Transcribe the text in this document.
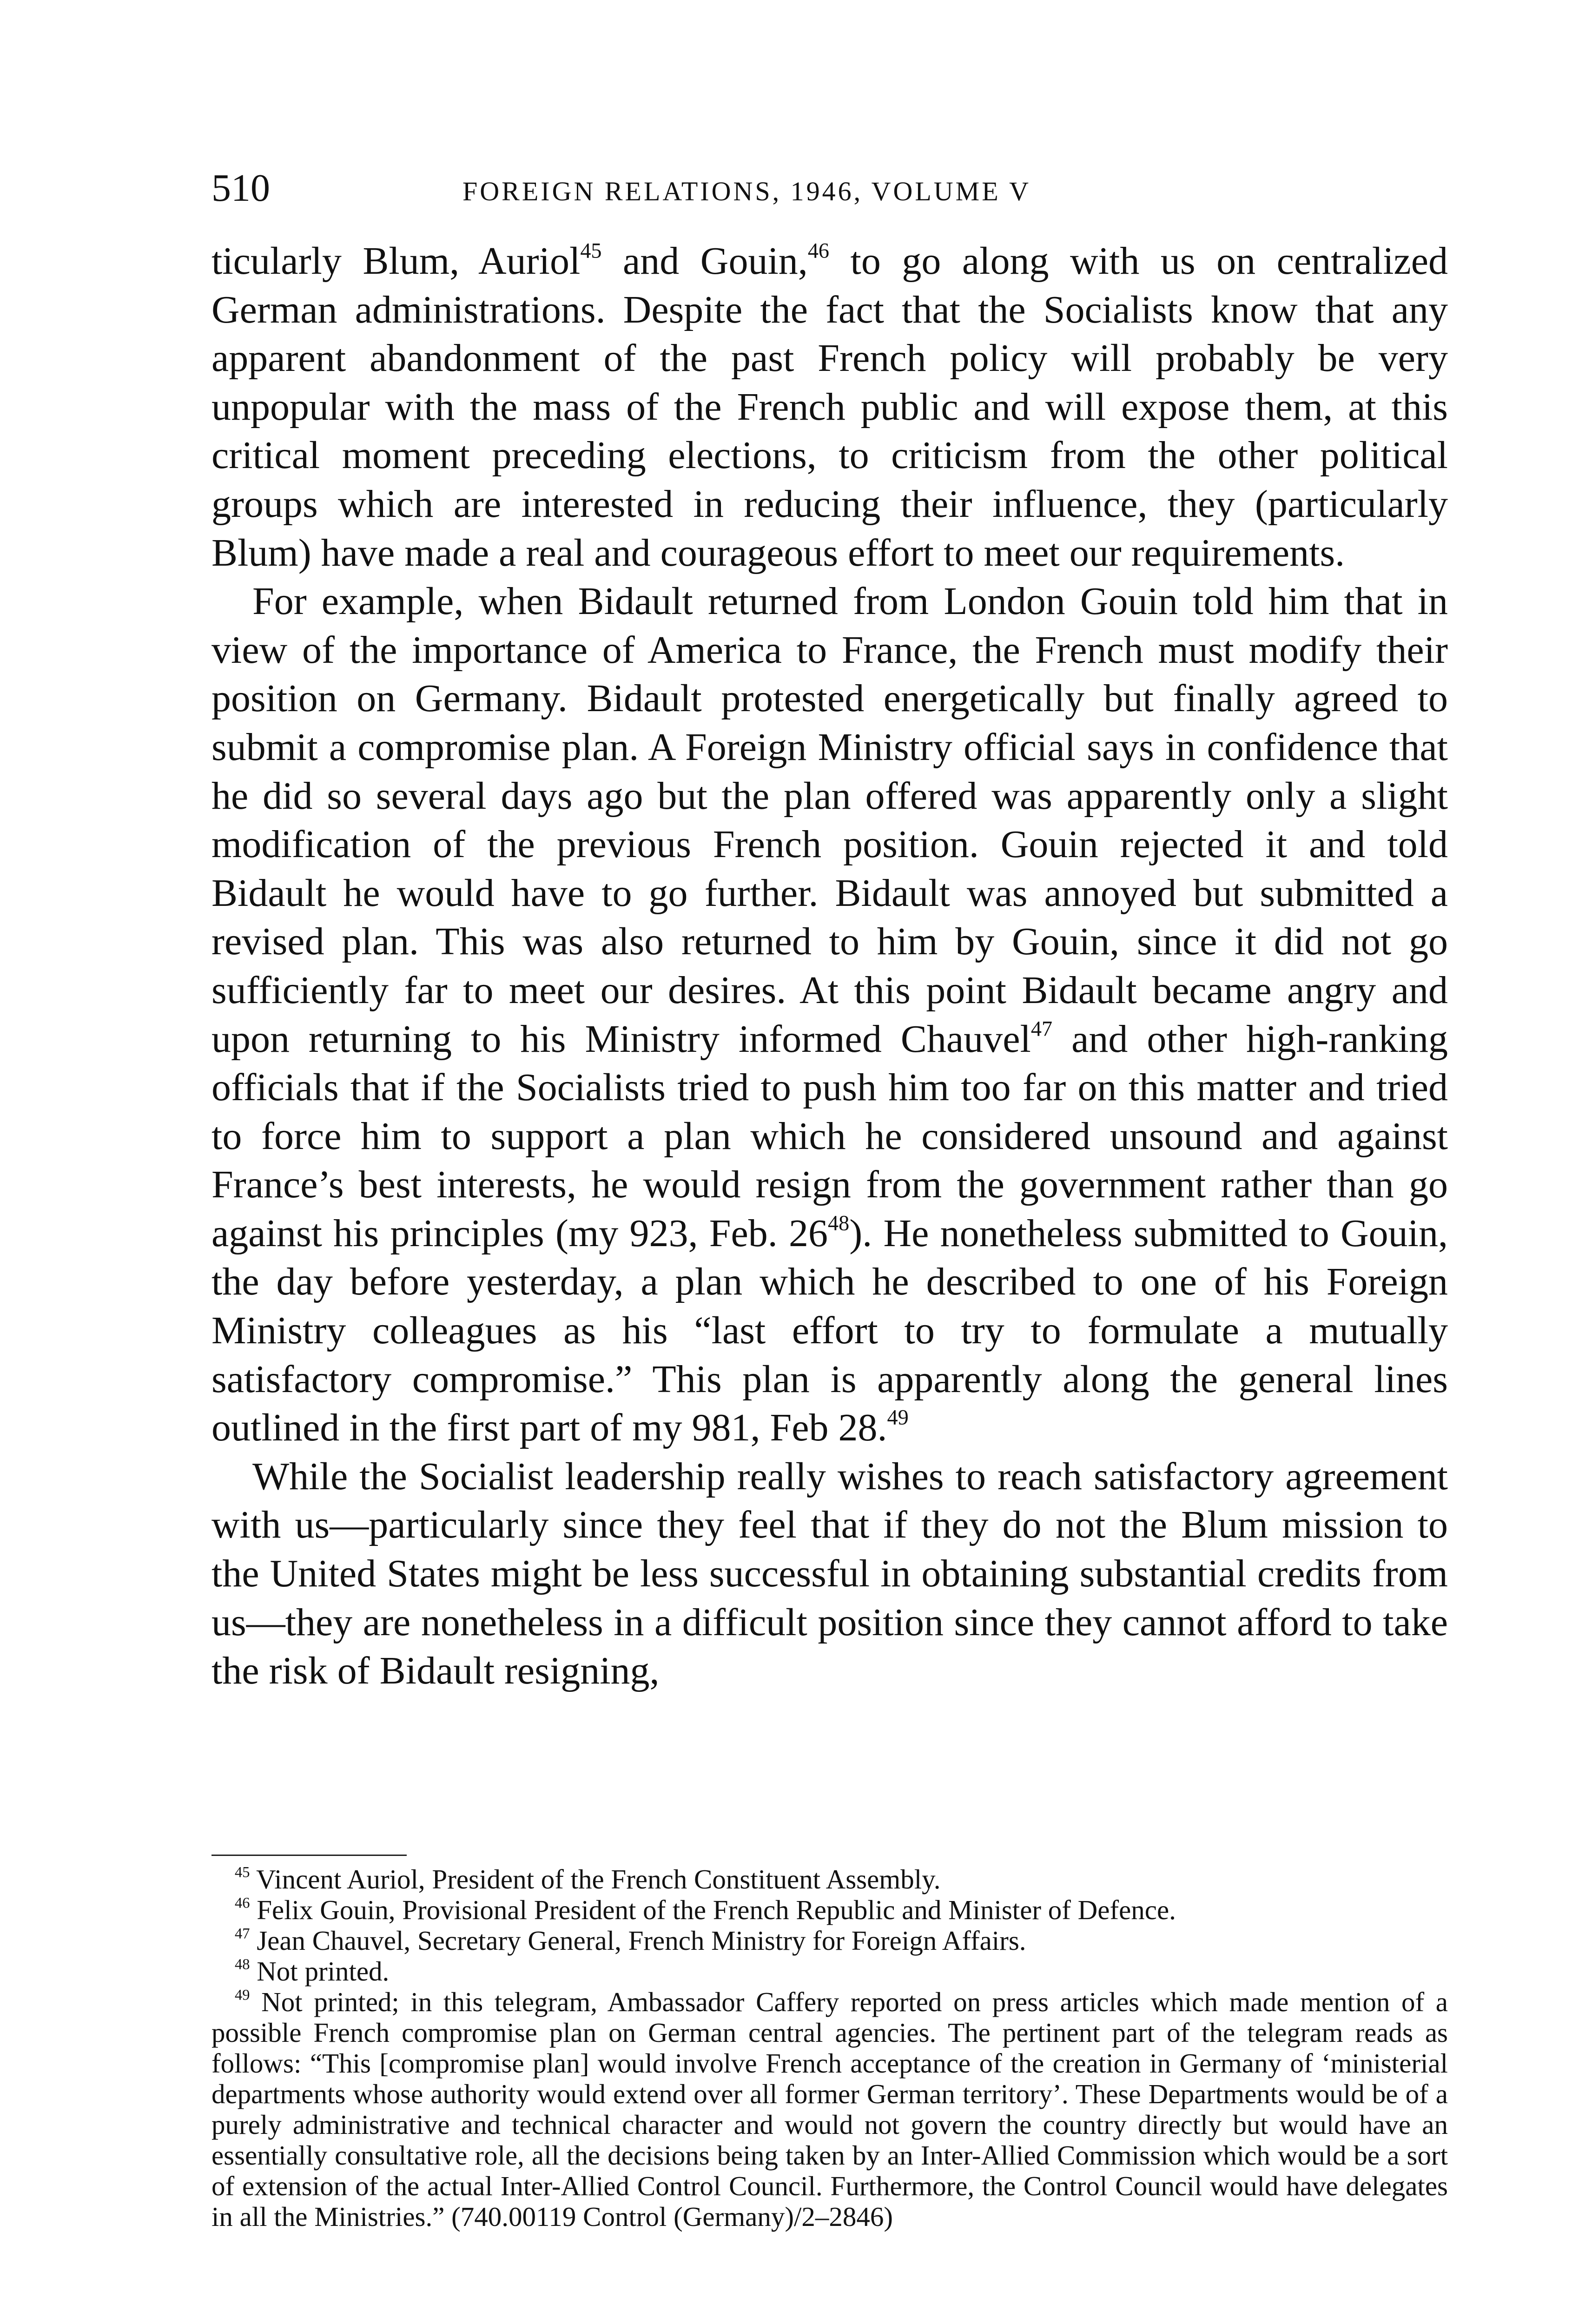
510	FOREIGN RELATIONS, 1946, VOLUME V

ticularly Blum, Auriol$^{45}$ and Gouin,$^{46}$ to go along with us on centralized German administrations. Despite the fact that the Socialists know that any apparent abandonment of the past French policy will probably be very unpopular with the mass of the French public and will expose them, at this critical moment preceding elections, to criticism from the other political groups which are interested in reducing their influence, they (particularly Blum) have made a real and courageous effort to meet our requirements.

For example, when Bidault returned from London Gouin told him that in view of the importance of America to France, the French must modify their position on Germany. Bidault protested energetically but finally agreed to submit a compromise plan. A Foreign Ministry official says in confidence that he did so several days ago but the plan offered was apparently only a slight modification of the previous French position. Gouin rejected it and told Bidault he would have to go further. Bidault was annoyed but submitted a revised plan. This was also returned to him by Gouin, since it did not go sufficiently far to meet our desires. At this point Bidault became angry and upon returning to his Ministry informed Chauvel$^{47}$ and other high-ranking officials that if the Socialists tried to push him too far on this matter and tried to force him to support a plan which he considered unsound and against France’s best interests, he would resign from the government rather than go against his principles (my 923, Feb. $26^{48}$). He nonetheless submitted to Gouin, the day before yesterday, a plan which he described to one of his Foreign Ministry colleagues as his “last effort to try to formulate a mutually satisfactory compromise.” This plan is apparently along the general lines outlined in the first part of my 981, Feb 28.49

While the Socialist leadership really wishes to reach satisfactory agreement with us—particularly since they feel that if they do not the Blum mission to the United States might be less successful in obtaining substantial credits from us—they are nonetheless in a difficult position since they cannot afford to take the risk of Bidault resigning,

$^{45}$ Vincent Auriol, President of the French Constituent Assembly.

$^{46}$ Felix Gouin, Provisional President of the French Republic and Minister of Defence.

$^{47}$ Jean Chauvel, Secretary General, French Ministry for Foreign Affairs.

$^{48}$ Not printed.

$^{49}$ Not printed; in this telegram, Ambassador Caffery reported on press articles which made mention of a possible French compromise plan on German central agencies. The pertinent part of the telegram reads as follows: “This [compromise plan] would involve French acceptance of the creation in Germany of ‘ministerial departments whose authority would extend over all former German territory’. These Departments would be of a purely administrative and technical character and would not govern the country directly but would have an essentially consultative role, all the decisions being taken by an Inter-Allied Commission which would be a sort of extension of the actual Inter-Allied Control Council. Furthermore, the Control Council would have delegates in all the Ministries.” (740.00119 Control (Germany)/2–2846)
